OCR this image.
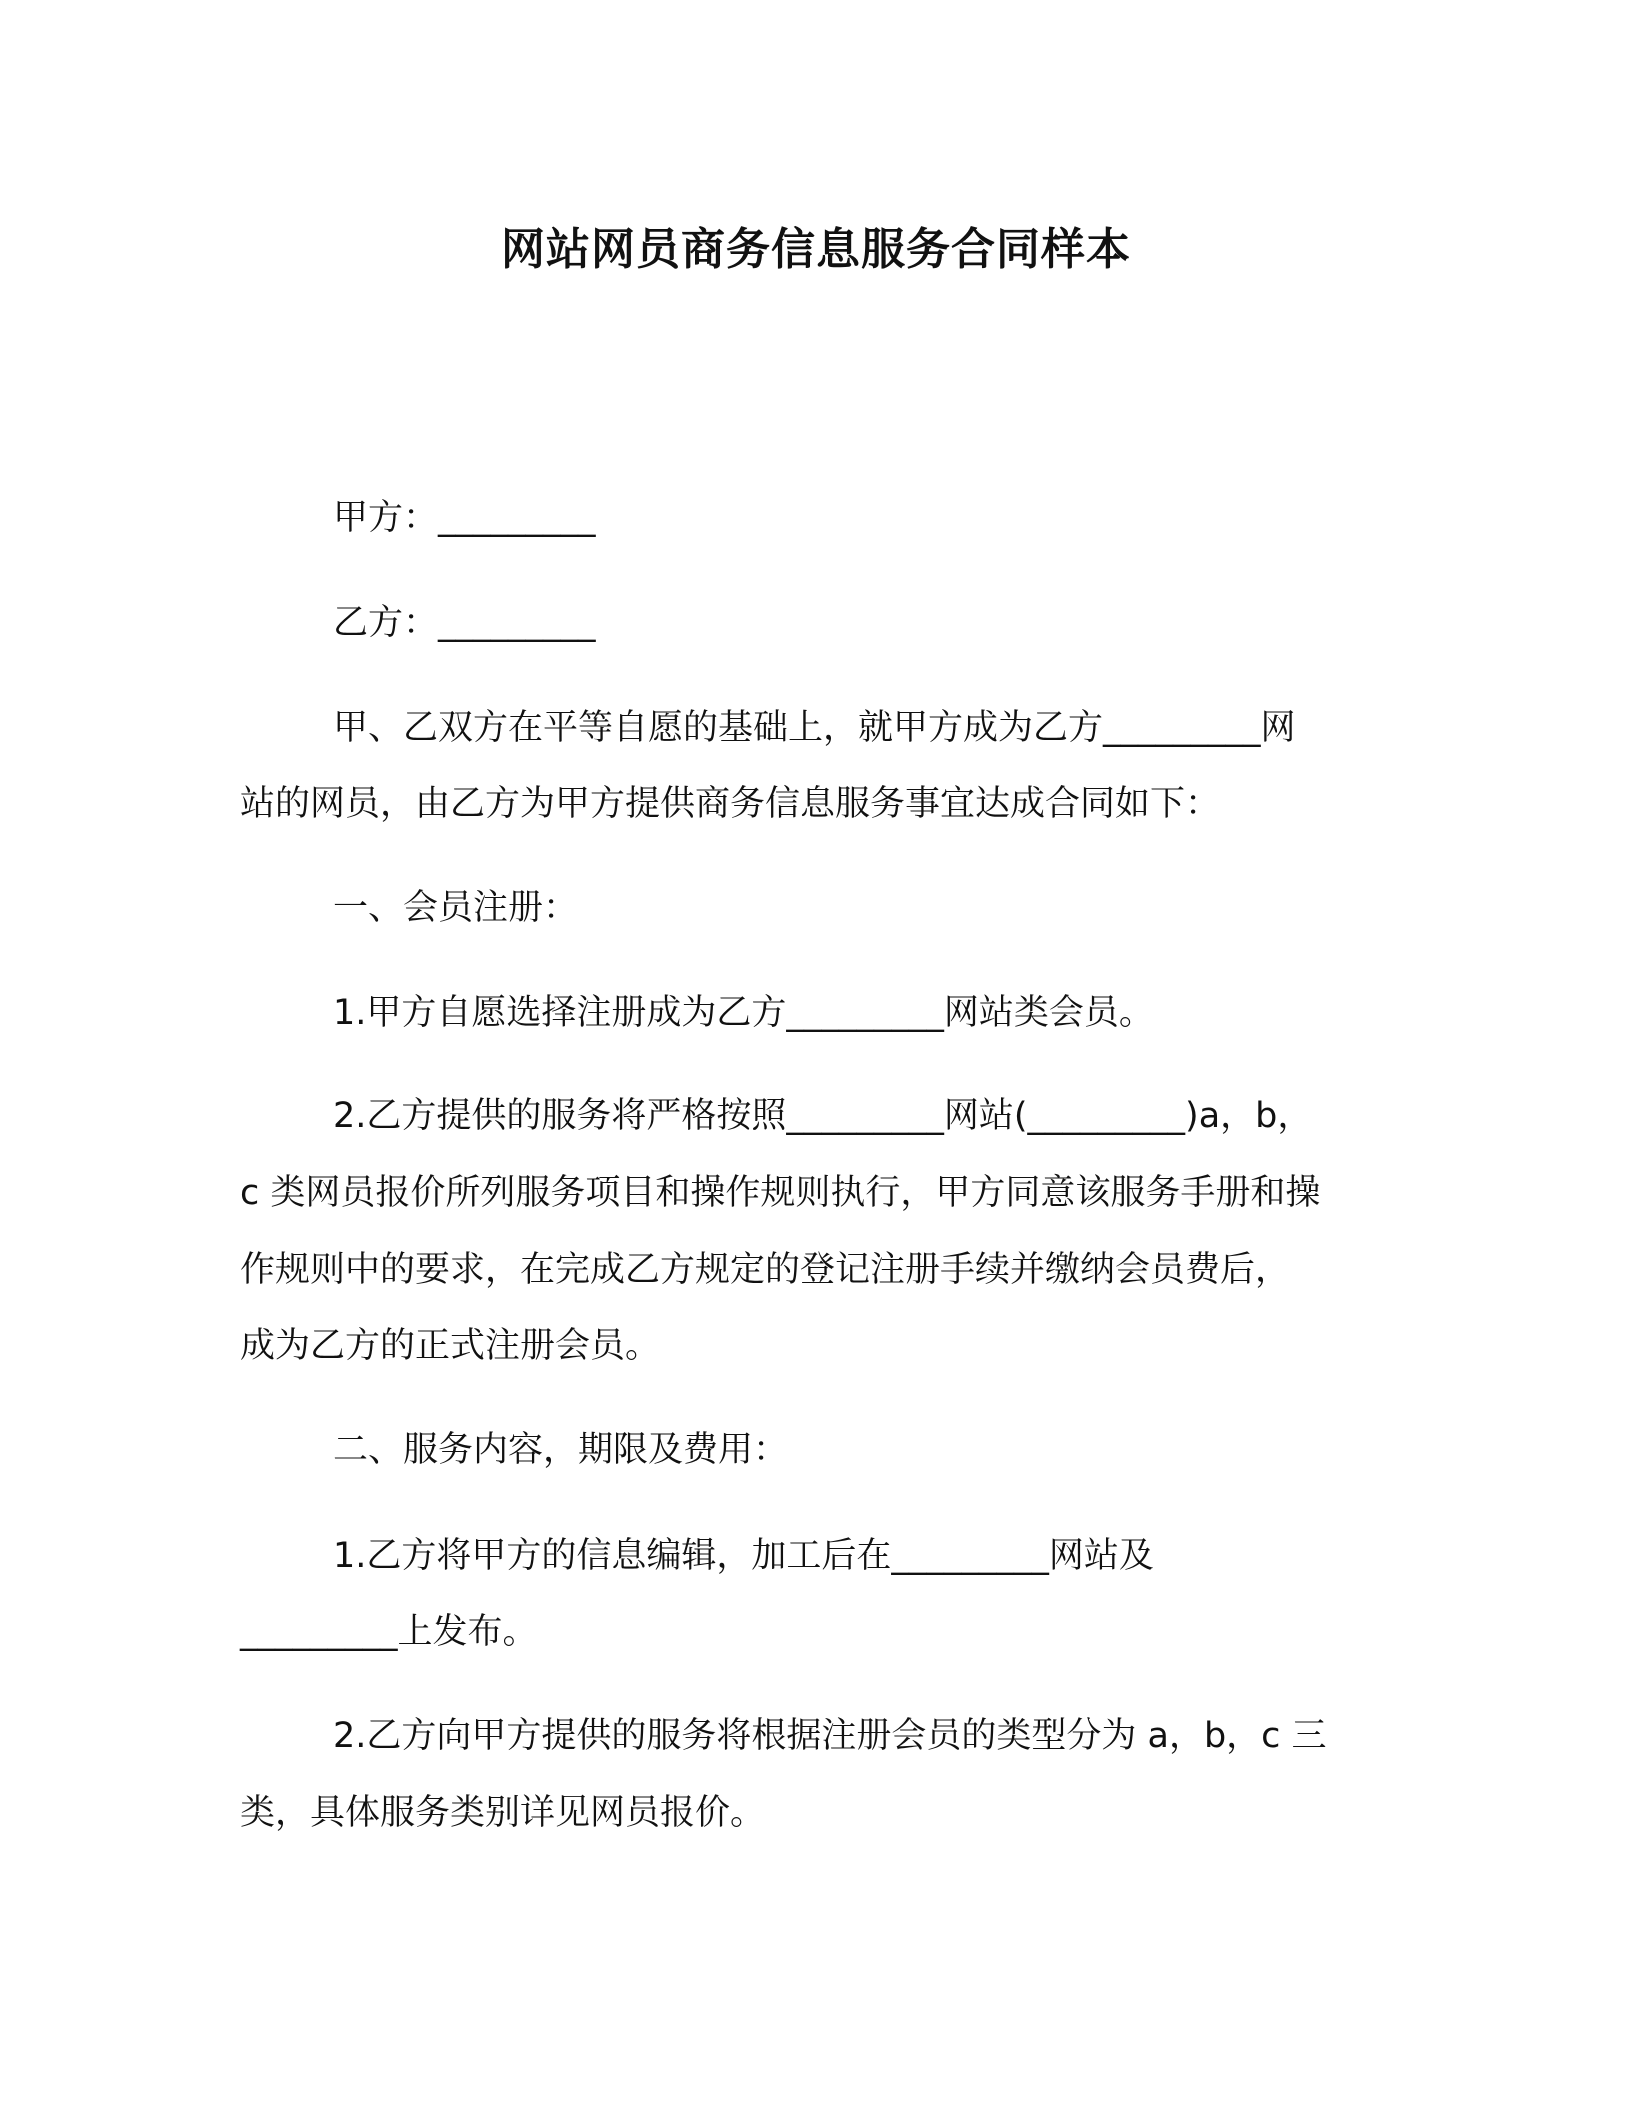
网站网员商务信息服务合同样本

甲方：_________

乙方：_________

甲、乙双方在平等自愿的基础上，就甲方成为乙方_________网

站的网员，由乙方为甲方提供商务信息服务事宜达成合同如下：

一、会员注册：

1.甲方自愿选择注册成为乙方_________网站类会员。

2.乙方提供的服务将严格按照_________网站(_________)a，b，

c 类网员报价所列服务项目和操作规则执行，甲方同意该服务手册和操

作规则中的要求，在完成乙方规定的登记注册手续并缴纳会员费后，

成为乙方的正式注册会员。

二、服务内容，期限及费用：

1.乙方将甲方的信息编辑，加工后在_________网站及

_________上发布。

2.乙方向甲方提供的服务将根据注册会员的类型分为 a，b，c 三

类，具体服务类别详见网员报价。
